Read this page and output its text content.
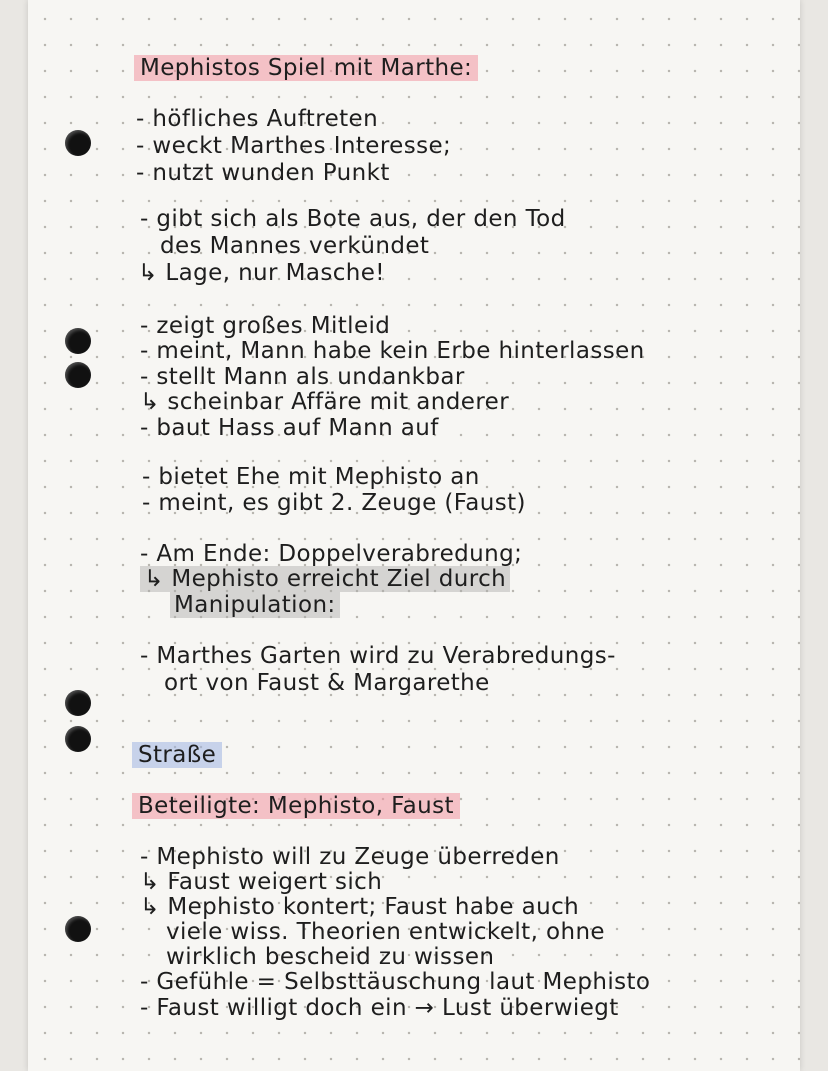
Mephistos Spiel mit Marthe:
- höfliches Auftreten
- weckt Marthes Interesse;
- nutzt wunden Punkt
- gibt sich als Bote aus, der den Tod
des Mannes verkündet
↳ Lage, nur Masche!
- zeigt großes Mitleid
- meint, Mann habe kein Erbe hinterlassen
- stellt Mann als undankbar
↳ scheinbar Affäre mit anderer
- baut Hass auf Mann auf
- bietet Ehe mit Mephisto an
- meint, es gibt 2. Zeuge (Faust)
- Am Ende: Doppelverabredung;
↳ Mephisto erreicht Ziel durch
Manipulation:
- Marthes Garten wird zu Verabredungs-
ort von Faust & Margarethe
Straße
Beteiligte: Mephisto, Faust
- Mephisto will zu Zeuge überreden
↳ Faust weigert sich
↳ Mephisto kontert; Faust habe auch
viele wiss. Theorien entwickelt, ohne
wirklich bescheid zu wissen
- Gefühle = Selbsttäuschung laut Mephisto
- Faust willigt doch ein → Lust überwiegt
